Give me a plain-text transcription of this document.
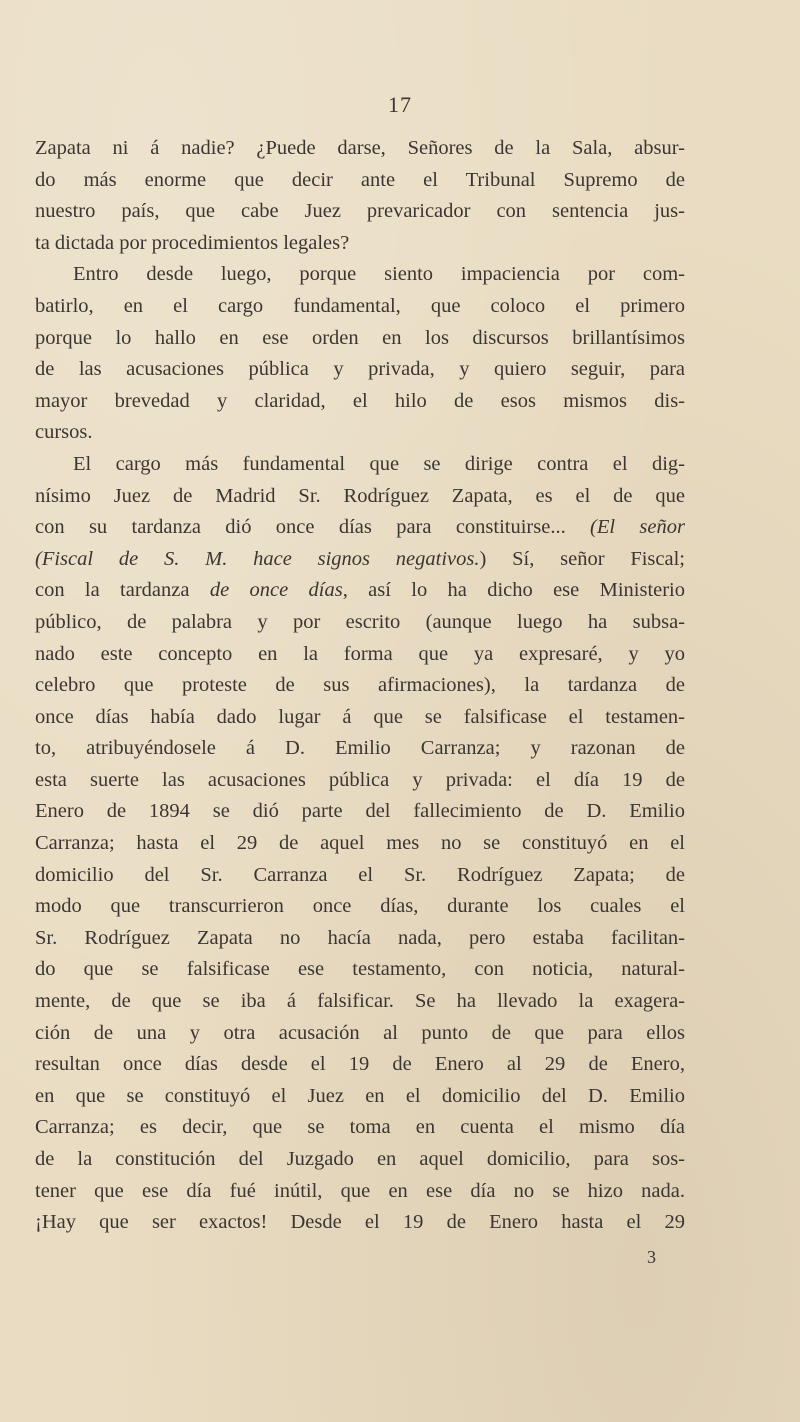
17
Zapata ni á nadie? ¿Puede darse, Señores de la Sala, absur-
do más enorme que decir ante el Tribunal Supremo de
nuestro país, que cabe Juez prevaricador con sentencia jus-
ta dictada por procedimientos legales?
Entro desde luego, porque siento impaciencia por com-
batirlo, en el cargo fundamental, que coloco el primero
porque lo hallo en ese orden en los discursos brillantísimos
de las acusaciones pública y privada, y quiero seguir, para
mayor brevedad y claridad, el hilo de esos mismos dis-
cursos.
El cargo más fundamental que se dirige contra el dig-
nísimo Juez de Madrid Sr. Rodríguez Zapata, es el de que
con su tardanza dió once días para constituirse... (El señor
(Fiscal de S. M. hace signos negativos.) Sí, señor Fiscal;
con la tardanza de once días, así lo ha dicho ese Ministerio
público, de palabra y por escrito (aunque luego ha subsa-
nado este concepto en la forma que ya expresaré, y yo
celebro que proteste de sus afirmaciones), la tardanza de
once días había dado lugar á que se falsificase el testamen-
to, atribuyéndosele á D. Emilio Carranza; y razonan de
esta suerte las acusaciones pública y privada: el día 19 de
Enero de 1894 se dió parte del fallecimiento de D. Emilio
Carranza; hasta el 29 de aquel mes no se constituyó en el
domicilio del Sr. Carranza el Sr. Rodríguez Zapata; de
modo que transcurrieron once días, durante los cuales el
Sr. Rodríguez Zapata no hacía nada, pero estaba facilitan-
do que se falsificase ese testamento, con noticia, natural-
mente, de que se iba á falsificar. Se ha llevado la exagera-
ción de una y otra acusación al punto de que para ellos
resultan once días desde el 19 de Enero al 29 de Enero,
en que se constituyó el Juez en el domicilio del D. Emilio
Carranza; es decir, que se toma en cuenta el mismo día
de la constitución del Juzgado en aquel domicilio, para sos-
tener que ese día fué inútil, que en ese día no se hizo nada.
¡Hay que ser exactos! Desde el 19 de Enero hasta el 29
3
